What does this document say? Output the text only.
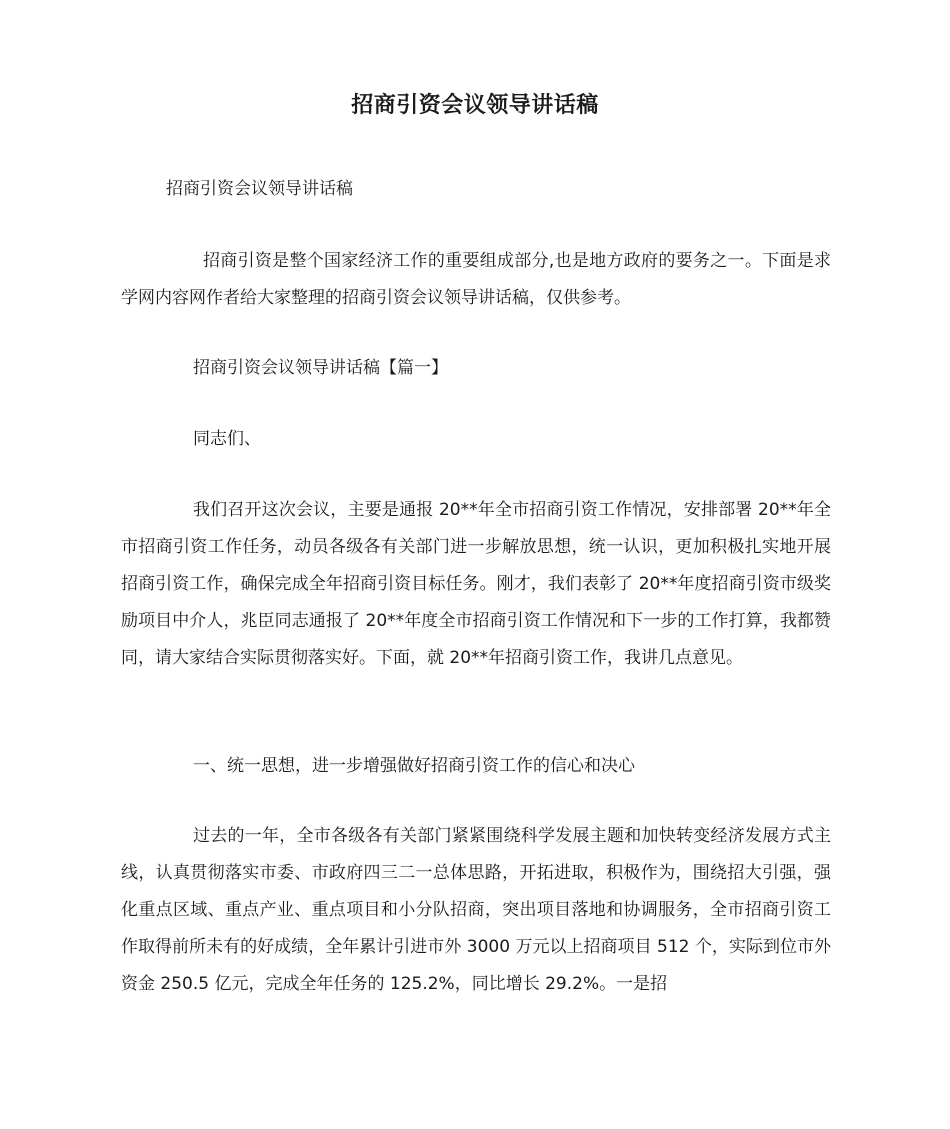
招商引资会议领导讲话稿
招商引资会议领导讲话稿
招商引资是整个国家经济工作的重要组成部分,也是地方政府的要务之一。下面是求学网内容网作者给大家整理的招商引资会议领导讲话稿，仅供参考。
招商引资会议领导讲话稿【篇一】
同志们、
我们召开这次会议，主要是通报 20**年全市招商引资工作情况，安排部署 20**年全市招商引资工作任务，动员各级各有关部门进一步解放思想，统一认识，更加积极扎实地开展招商引资工作，确保完成全年招商引资目标任务。刚才，我们表彰了 20**年度招商引资市级奖励项目中介人，兆臣同志通报了 20**年度全市招商引资工作情况和下一步的工作打算，我都赞同，请大家结合实际贯彻落实好。下面，就 20**年招商引资工作，我讲几点意见。
一、统一思想，进一步增强做好招商引资工作的信心和决心
过去的一年，全市各级各有关部门紧紧围绕科学发展主题和加快转变经济发展方式主线，认真贯彻落实市委、市政府四三二一总体思路，开拓进取，积极作为，围绕招大引强，强化重点区域、重点产业、重点项目和小分队招商，突出项目落地和协调服务，全市招商引资工作取得前所未有的好成绩，全年累计引进市外 3000 万元以上招商项目 512 个，实际到位市外资金 250.5 亿元，完成全年任务的 125.2%，同比增长 29.2%。一是招
